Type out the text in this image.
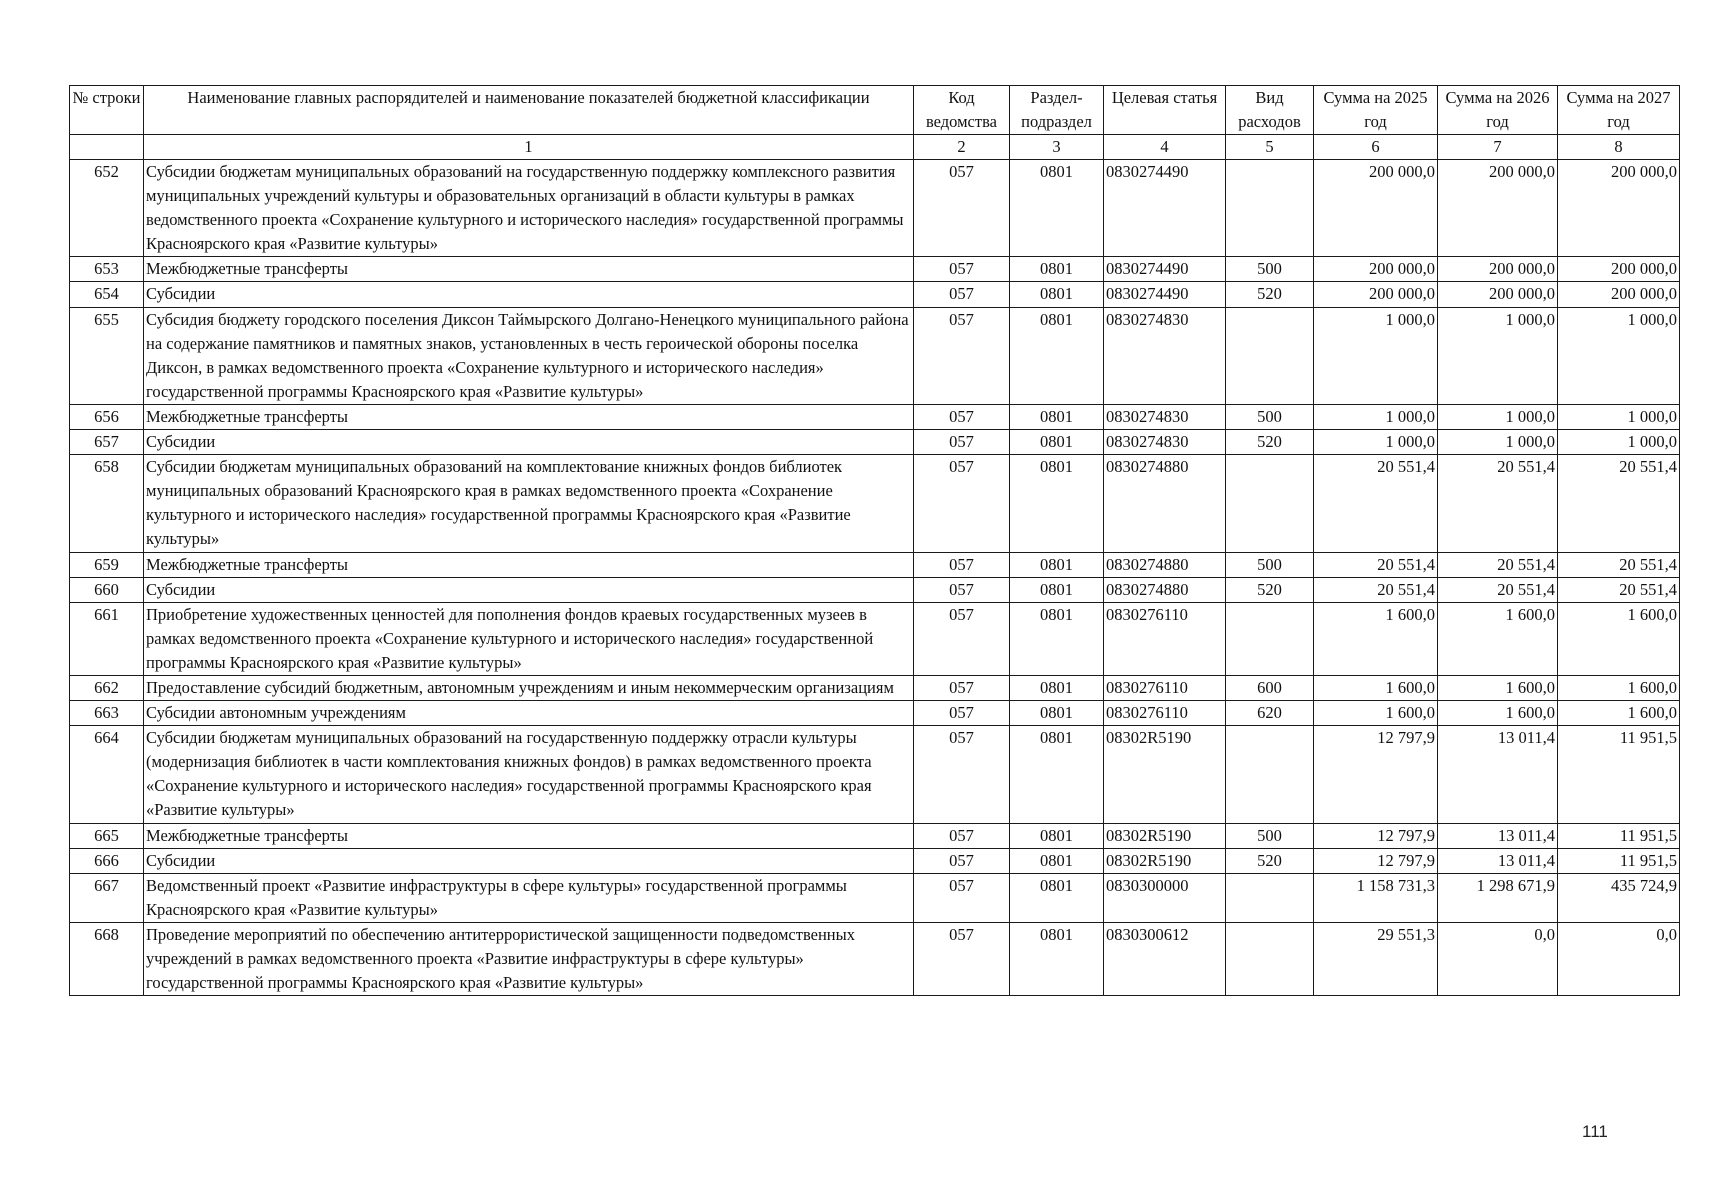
№ строки	Наименование главных распорядителей и наименование показателей бюджетной классификации	Код ведомства	Раздел-подраздел	Целевая статья	Вид расходов	Сумма на 2025 год	Сумма на 2026 год	Сумма на 2027 год
	1	2	3	4	5	6	7	8
652	Субсидии бюджетам муниципальных образований на государственную поддержку комплексного развития муниципальных учреждений культуры и образовательных организаций в области культуры в рамках ведомственного проекта «Сохранение культурного и исторического наследия» государственной программы Красноярского края «Развитие культуры»	057	0801	0830274490		200 000,0	200 000,0	200 000,0
653	Межбюджетные трансферты	057	0801	0830274490	500	200 000,0	200 000,0	200 000,0
654	Субсидии	057	0801	0830274490	520	200 000,0	200 000,0	200 000,0
655	Субсидия бюджету городского поселения Диксон Таймырского Долгано-Ненецкого муниципального района на содержание памятников и памятных знаков, установленных в честь героической обороны поселка Диксон, в рамках ведомственного проекта «Сохранение культурного и исторического наследия» государственной программы Красноярского края «Развитие культуры»	057	0801	0830274830		1 000,0	1 000,0	1 000,0
656	Межбюджетные трансферты	057	0801	0830274830	500	1 000,0	1 000,0	1 000,0
657	Субсидии	057	0801	0830274830	520	1 000,0	1 000,0	1 000,0
658	Субсидии бюджетам муниципальных образований на комплектование книжных фондов библиотек муниципальных образований Красноярского края в рамках ведомственного проекта «Сохранение культурного и исторического наследия» государственной программы Красноярского края «Развитие культуры»	057	0801	0830274880		20 551,4	20 551,4	20 551,4
659	Межбюджетные трансферты	057	0801	0830274880	500	20 551,4	20 551,4	20 551,4
660	Субсидии	057	0801	0830274880	520	20 551,4	20 551,4	20 551,4
661	Приобретение художественных ценностей для пополнения фондов краевых государственных музеев в рамках ведомственного проекта «Сохранение культурного и исторического наследия» государственной программы Красноярского края «Развитие культуры»	057	0801	0830276110		1 600,0	1 600,0	1 600,0
662	Предоставление субсидий бюджетным, автономным учреждениям и иным некоммерческим организациям	057	0801	0830276110	600	1 600,0	1 600,0	1 600,0
663	Субсидии автономным учреждениям	057	0801	0830276110	620	1 600,0	1 600,0	1 600,0
664	Субсидии бюджетам муниципальных образований на государственную поддержку отрасли культуры (модернизация библиотек в части комплектования книжных фондов) в рамках ведомственного проекта «Сохранение культурного и исторического наследия» государственной программы Красноярского края «Развитие культуры»	057	0801	08302R5190		12 797,9	13 011,4	11 951,5
665	Межбюджетные трансферты	057	0801	08302R5190	500	12 797,9	13 011,4	11 951,5
666	Субсидии	057	0801	08302R5190	520	12 797,9	13 011,4	11 951,5
667	Ведомственный проект «Развитие инфраструктуры в сфере культуры» государственной программы Красноярского края «Развитие культуры»	057	0801	0830300000		1 158 731,3	1 298 671,9	435 724,9
668	Проведение мероприятий по обеспечению антитеррористической защищенности подведомственных учреждений в рамках ведомственного проекта «Развитие инфраструктуры в сфере культуры» государственной программы Красноярского края «Развитие культуры»	057	0801	0830300612		29 551,3	0,0	0,0
111
